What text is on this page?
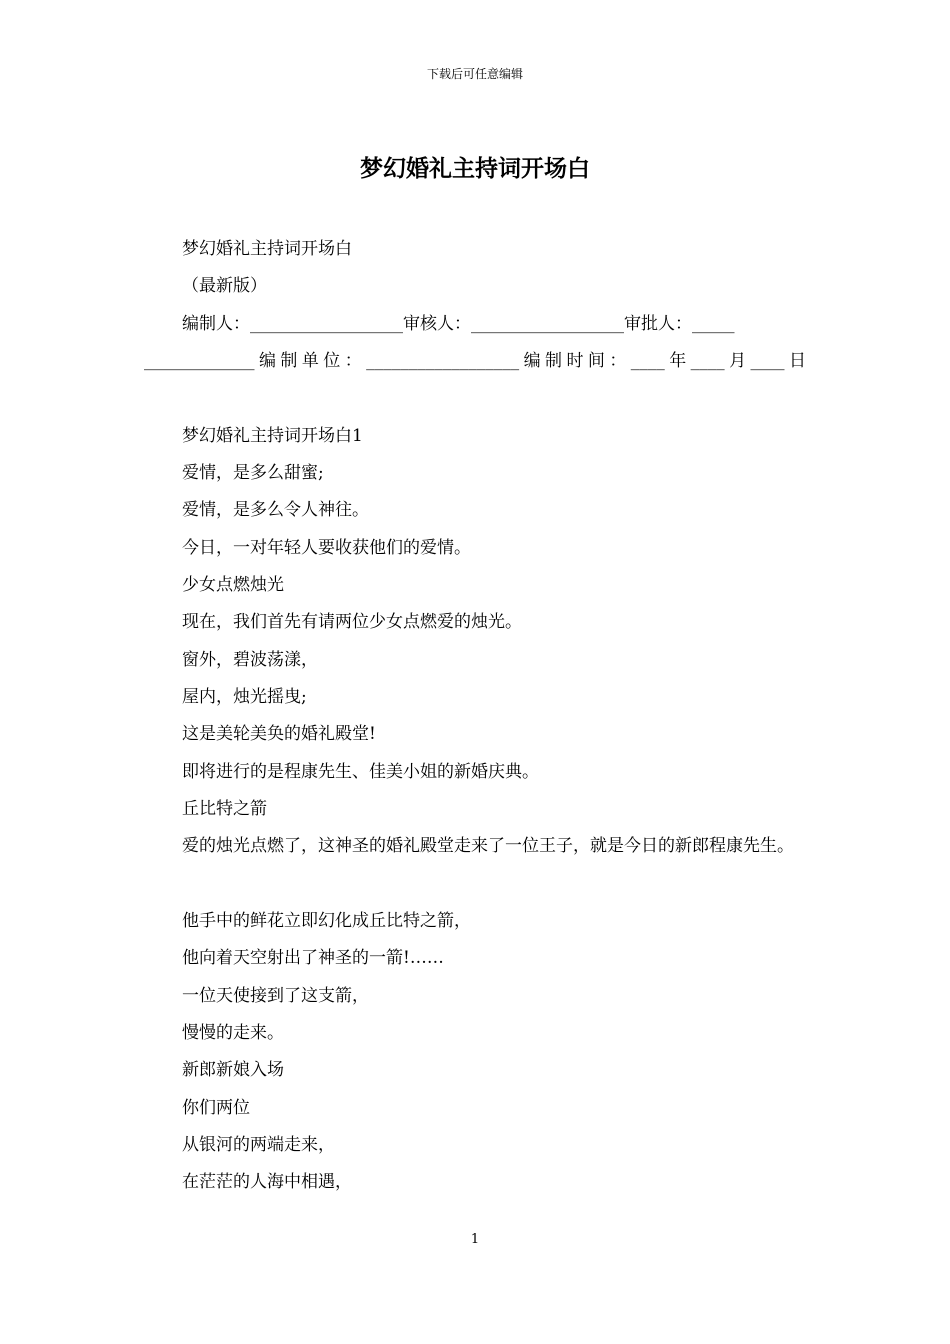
下载后可任意编辑
梦幻婚礼主持词开场白
梦幻婚礼主持词开场白
（最新版）
编制人：__________________审核人：__________________审批人：_____
_____________编制单位：__________________编制时间：____年____月____日
梦幻婚礼主持词开场白1
爱情，是多么甜蜜;
爱情，是多么令人神往。
今日，一对年轻人要收获他们的爱情。
少女点燃烛光
现在，我们首先有请两位少女点燃爱的烛光。
窗外，碧波荡漾，
屋内，烛光摇曳;
这是美轮美奂的婚礼殿堂!
即将进行的是程康先生、佳美小姐的新婚庆典。
丘比特之箭
爱的烛光点燃了，这神圣的婚礼殿堂走来了一位王子，就是今日的新郎程康先生。
他手中的鲜花立即幻化成丘比特之箭，
他向着天空射出了神圣的一箭!……
一位天使接到了这支箭，
慢慢的走来。
新郎新娘入场
你们两位
从银河的两端走来，
在茫茫的人海中相遇，
1
